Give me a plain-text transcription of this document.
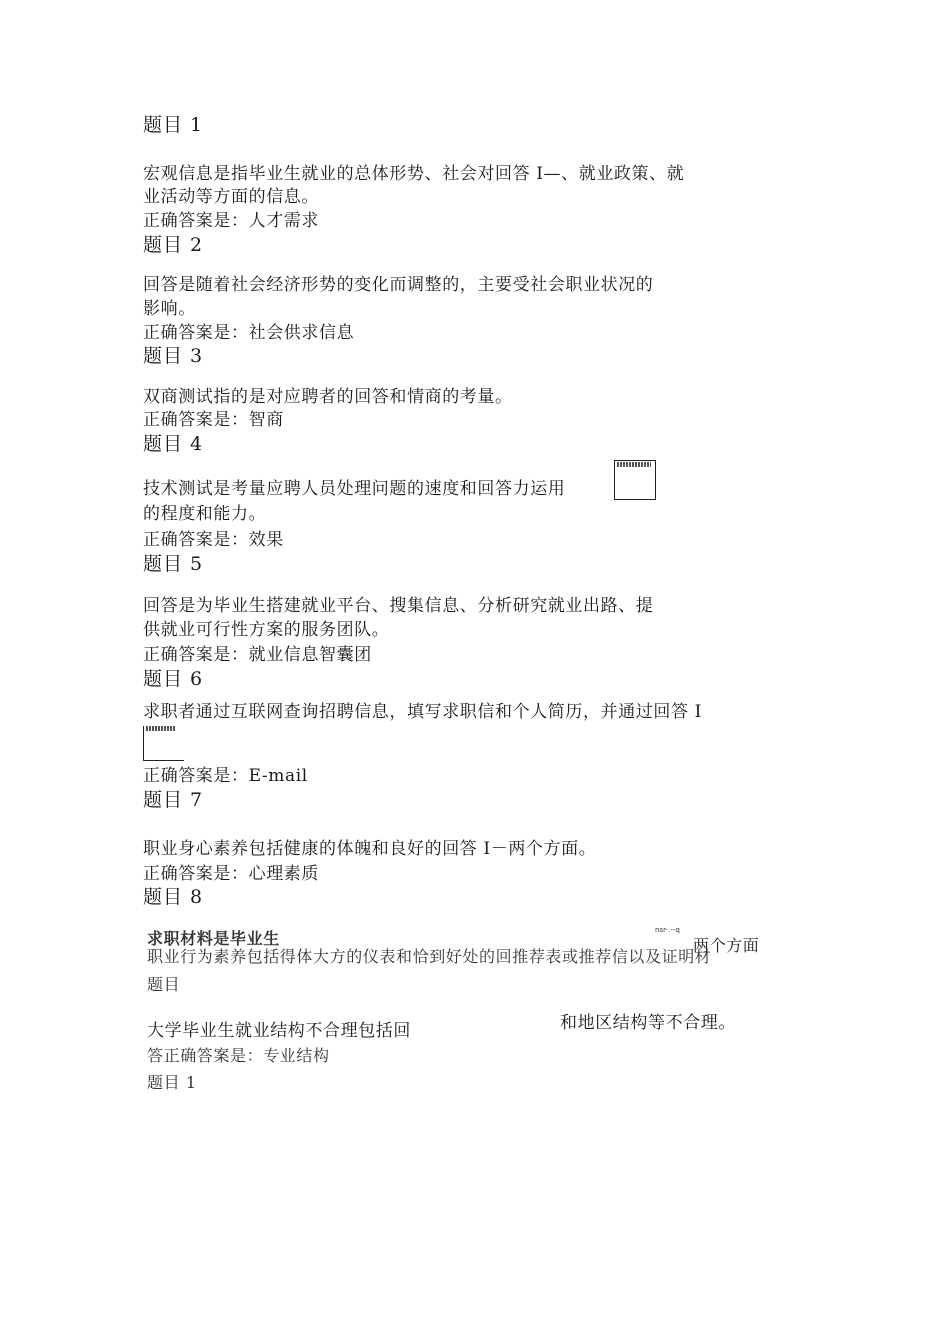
题目 1
宏观信息是指毕业生就业的总体形势、社会对回答 I—、就业政策、就
业活动等方面的信息。
正确答案是：人才需求
题目 2
回答是随着社会经济形势的变化而调整的，主要受社会职业状况的
影响。
正确答案是：社会供求信息
题目 3
双商测试指的是对应聘者的回答和情商的考量。
正确答案是：智商
题目 4
技术测试是考量应聘人员处理问题的速度和回答力运用
的程度和能力。
正确答案是：效果
题目 5
回答是为毕业生搭建就业平台、搜集信息、分析研究就业出路、提
供就业可行性方案的服务团队。
正确答案是：就业信息智囊团
题目 6
求职者通过互联网查询招聘信息，填写求职信和个人简历，并通过回答 I
正确答案是：E-mail
题目 7
职业身心素养包括健康的体魄和良好的回答 I－两个方面。
正确答案是：心理素质
题目 8
求职材料是毕业生	nsr-.--q
两个方面
职业行为素养包括得体大方的仪表和恰到好处的回推荐表或推荐信以及证明材
题目
大学毕业生就业结构不合理包括回	和地区结构等不合理。
答正确答案是：专业结构
题目 1
